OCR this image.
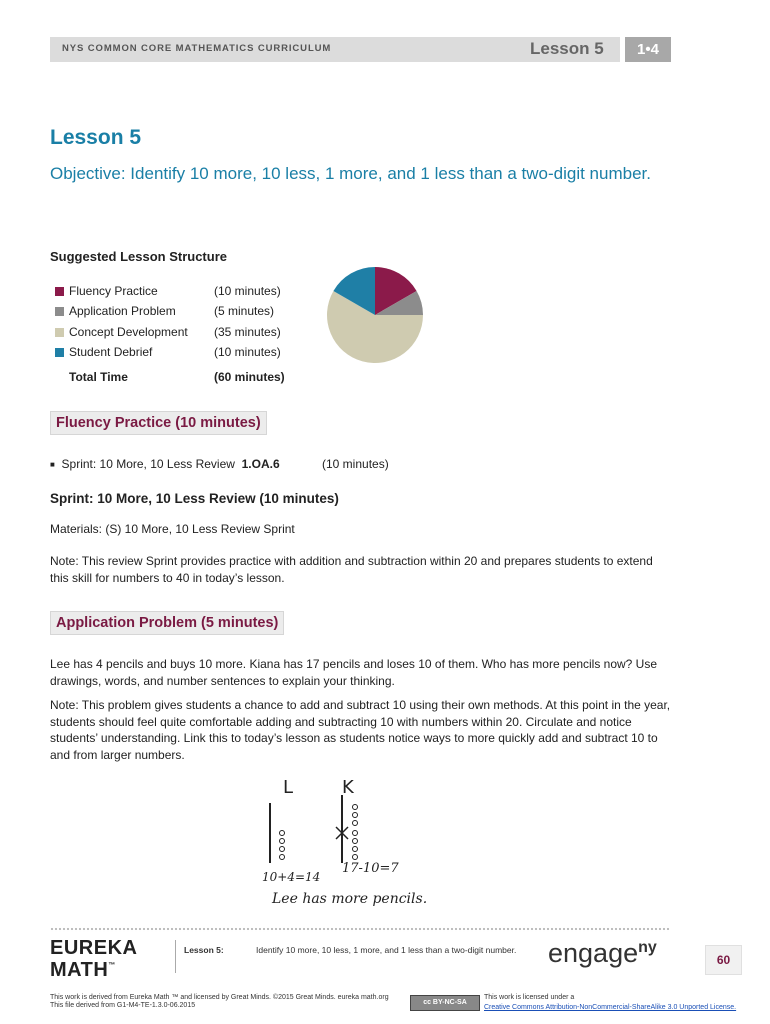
NYS COMMON CORE MATHEMATICS CURRICULUM	Lesson 5	1•4
Lesson 5
Objective: Identify 10 more, 10 less, 1 more, and 1 less than a two-digit number.
Suggested Lesson Structure
Fluency Practice	(10 minutes)
Application Problem	(5 minutes)
Concept Development (35 minutes)
Student Debrief	(10 minutes)
Total Time	(60 minutes)
Fluency Practice (10 minutes)
■ Sprint: 10 More, 10 Less Review 1.OA.6	(10 minutes)
Sprint: 10 More, 10 Less Review (10 minutes)
Materials: (S) 10 More, 10 Less Review Sprint
Note: This review Sprint provides practice with addition and subtraction within 20 and prepares students to extend this skill for numbers to 40 in today’s lesson.
Application Problem (5 minutes)
Lee has 4 pencils and buys 10 more. Kiana has 17 pencils and loses 10 of them. Who has more pencils now? Use drawings, words, and number sentences to explain your thinking.
Note: This problem gives students a chance to add and subtract 10 using their own methods. At this point in the year, students should feel quite comfortable adding and subtracting 10 with numbers within 20. Circulate and notice students’ understanding. Link this to today’s lesson as students notice ways to more quickly add and subtract 10 to and from larger numbers.
L	K
10+4=14
17-10=7
Lee has more pencils.
EUREKA
MATH™
Lesson 5:	Identify 10 more, 10 less, 1 more, and 1 less than a two-digit number. engage$^{ny}$
60
This work is derived from Eureka Math ™ and licensed by Great Minds. ©2015 Great Minds. eureka math.org
This file derived from G1-M4-TE-1.3.0-06.2015	cc BY-NC-SA
This work is licensed under a
Creative Commons Attribution-NonCommercial-ShareAlike 3.0 Unported License.
